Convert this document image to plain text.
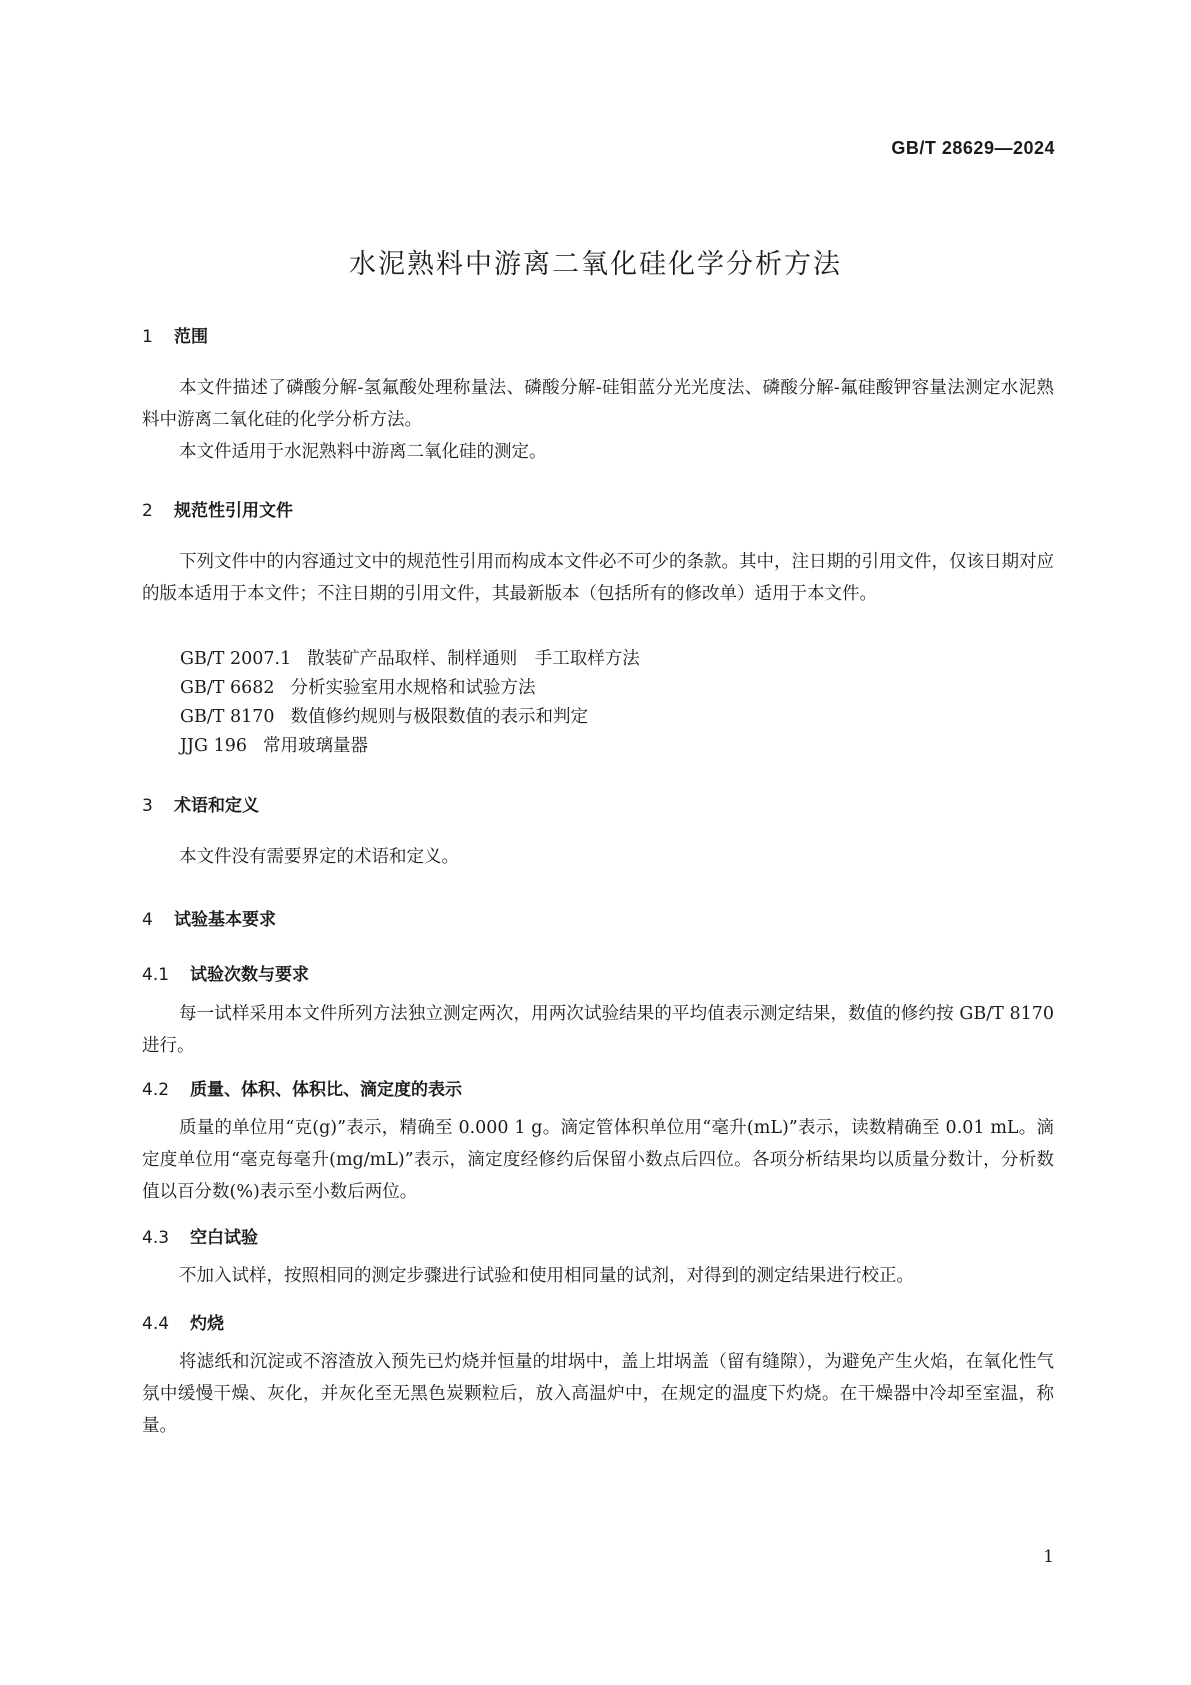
GB/T 28629—2024
水泥熟料中游离二氧化硅化学分析方法
1 范围
本文件描述了磷酸分解-氢氟酸处理称量法、磷酸分解-硅钼蓝分光光度法、磷酸分解-氟硅酸钾容量法测定水泥熟料中游离二氧化硅的化学分析方法。
本文件适用于水泥熟料中游离二氧化硅的测定。
2 规范性引用文件
下列文件中的内容通过文中的规范性引用而构成本文件必不可少的条款。其中，注日期的引用文件，仅该日期对应的版本适用于本文件；不注日期的引用文件，其最新版本（包括所有的修改单）适用于本文件。
GB/T 2007.1 散装矿产品取样、制样通则　手工取样方法
GB/T 6682 分析实验室用水规格和试验方法
GB/T 8170 数值修约规则与极限数值的表示和判定
JJG 196 常用玻璃量器
3 术语和定义
本文件没有需要界定的术语和定义。
4 试验基本要求
4.1 试验次数与要求
每一试样采用本文件所列方法独立测定两次，用两次试验结果的平均值表示测定结果，数值的修约按 GB/T 8170 进行。
4.2 质量、体积、体积比、滴定度的表示
质量的单位用“克(g)”表示，精确至 0.000 1 g。滴定管体积单位用“毫升(mL)”表示，读数精确至 0.01 mL。滴定度单位用“毫克每毫升(mg/mL)”表示，滴定度经修约后保留小数点后四位。各项分析结果均以质量分数计，分析数值以百分数(%)表示至小数后两位。
4.3 空白试验
不加入试样，按照相同的测定步骤进行试验和使用相同量的试剂，对得到的测定结果进行校正。
4.4 灼烧
将滤纸和沉淀或不溶渣放入预先已灼烧并恒量的坩埚中，盖上坩埚盖（留有缝隙），为避免产生火焰，在氧化性气氛中缓慢干燥、灰化，并灰化至无黑色炭颗粒后，放入高温炉中，在规定的温度下灼烧。在干燥器中冷却至室温，称量。
1
